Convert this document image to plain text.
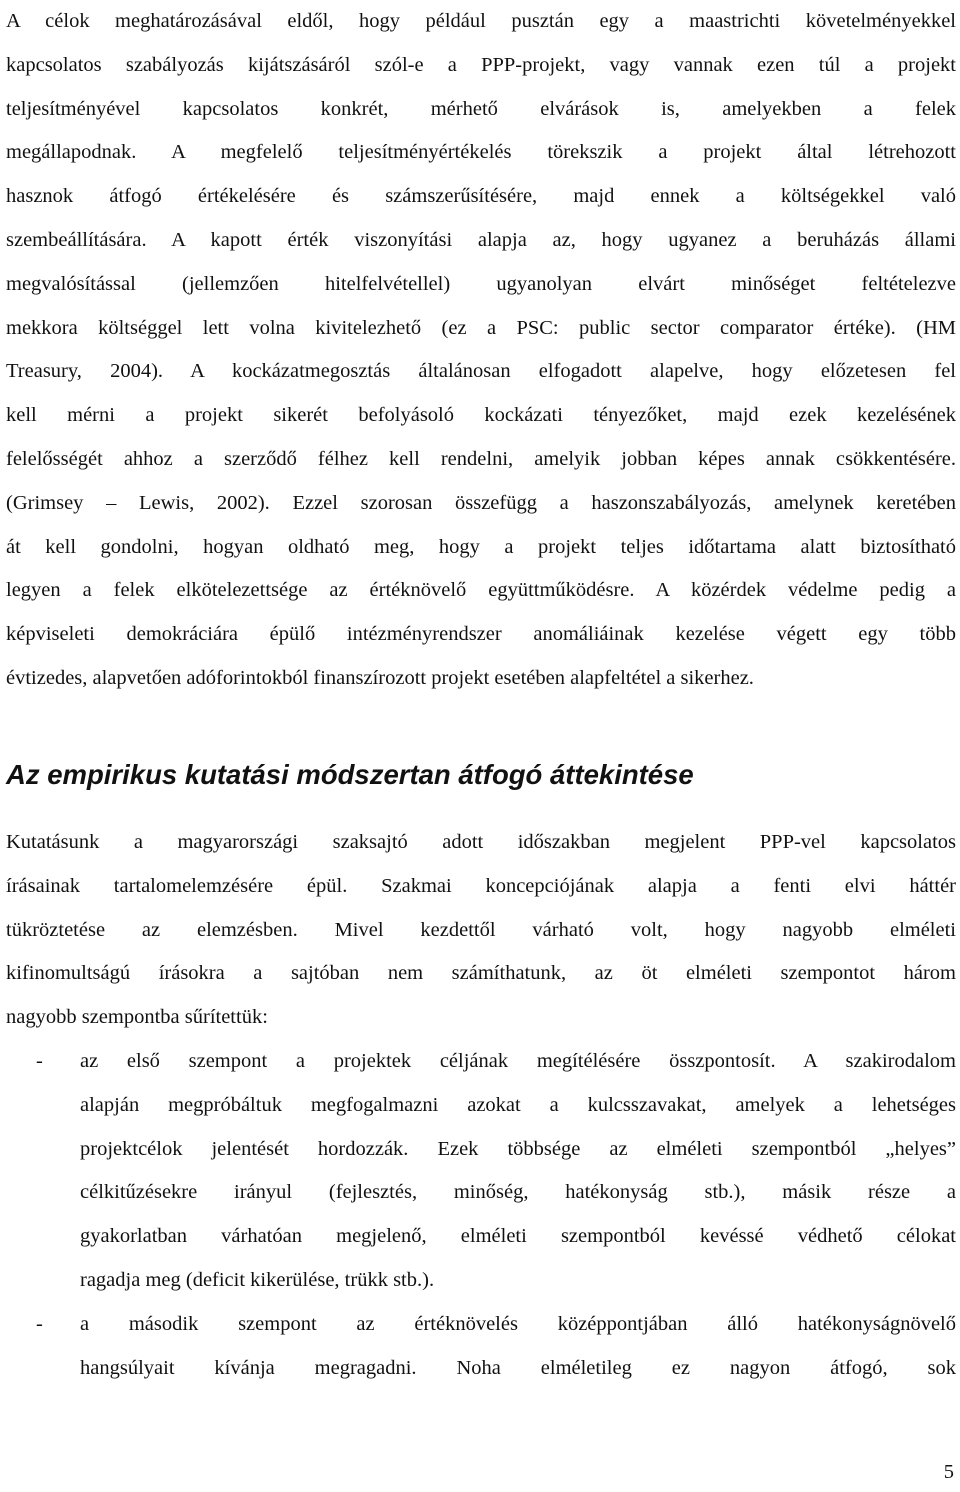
A célok meghatározásával eldől, hogy például pusztán egy a maastrichti követelményekkel
kapcsolatos szabályozás kijátszásáról szól-e a PPP-projekt, vagy vannak ezen túl a projekt
teljesítményével kapcsolatos konkrét, mérhető elvárások is, amelyekben a felek
megállapodnak. A megfelelő teljesítményértékelés törekszik a projekt által létrehozott
hasznok átfogó értékelésére és számszerűsítésére, majd ennek a költségekkel való
szembeállítására. A kapott érték viszonyítási alapja az, hogy ugyanez a beruházás állami
megvalósítással (jellemzően hitelfelvétellel) ugyanolyan elvárt minőséget feltételezve
mekkora költséggel lett volna kivitelezhető (ez a PSC: public sector comparator értéke). (HM
Treasury, 2004). A kockázatmegosztás általánosan elfogadott alapelve, hogy előzetesen fel
kell mérni a projekt sikerét befolyásoló kockázati tényezőket, majd ezek kezelésének
felelősségét ahhoz a szerződő félhez kell rendelni, amelyik jobban képes annak csökkentésére.
(Grimsey – Lewis, 2002). Ezzel szorosan összefügg a haszonszabályozás, amelynek keretében
át kell gondolni, hogyan oldható meg, hogy a projekt teljes időtartama alatt biztosítható
legyen a felek elkötelezettsége az értéknövelő együttműködésre. A közérdek védelme pedig a
képviseleti demokráciára épülő intézményrendszer anomáliáinak kezelése végett egy több
évtizedes, alapvetően adóforintokból finanszírozott projekt esetében alapfeltétel a sikerhez.
Az empirikus kutatási módszertan átfogó áttekintése
Kutatásunk a magyarországi szaksajtó adott időszakban megjelent PPP-vel kapcsolatos
írásainak tartalomelemzésére épül. Szakmai koncepciójának alapja a fenti elvi háttér
tükröztetése az elemzésben. Mivel kezdettől várható volt, hogy nagyobb elméleti
kifinomultságú írásokra a sajtóban nem számíthatunk, az öt elméleti szempontot három
nagyobb szempontba sűrítettük:
- az első szempont a projektek céljának megítélésére összpontosít. A szakirodalom
alapján megpróbáltuk megfogalmazni azokat a kulcsszavakat, amelyek a lehetséges
projektcélok jelentését hordozzák. Ezek többsége az elméleti szempontból „helyes”
célkitűzésekre irányul (fejlesztés, minőség, hatékonyság stb.), másik része a
gyakorlatban várhatóan megjelenő, elméleti szempontból kevéssé védhető célokat
ragadja meg (deficit kikerülése, trükk stb.).
- a második szempont az értéknövelés középpontjában álló hatékonyságnövelő
hangsúlyait kívánja megragadni. Noha elméletileg ez nagyon átfogó, sok
5
